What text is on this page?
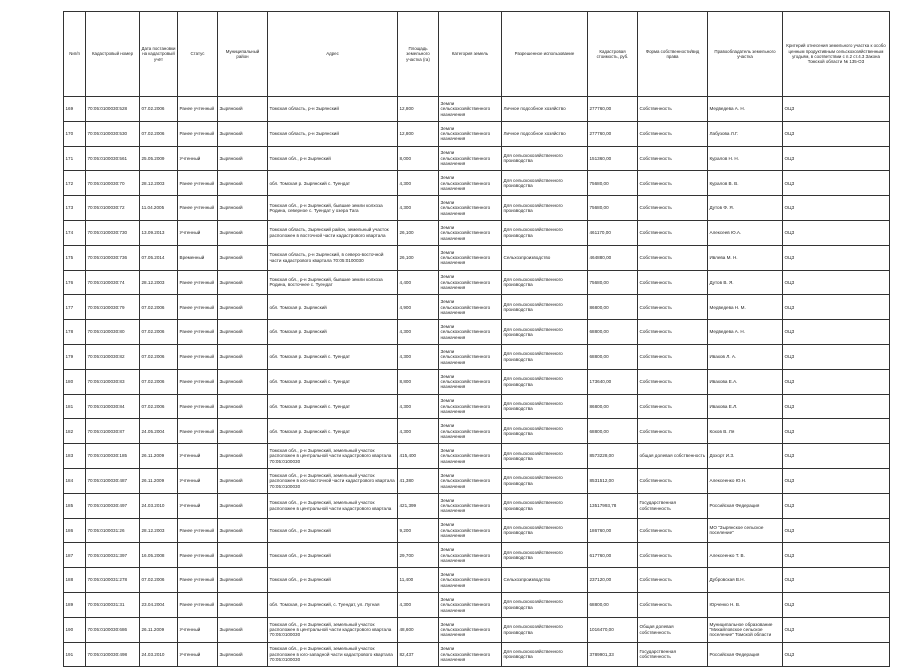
№п/п	Кадастровый номер	Дата постановки на кадастровый учёт	Статус	Муниципальный район	Адрес	Площадь земельного участка (га)	Категория земель	Разрешенное использование	Кадастровая стоимость, руб.	Форма собственности/вид права	Правообладатель земельного участка	Критерий отнесения земельного участка к особо ценным продуктивным сельскохозяйственным угодьям, в соответствии с п.2 ст.4.3 Закона Томской области № 135-ОЗ
169	70:05:0100030:528	07.02.2006	Ранее учтенный	Зырянский	Томская область, р-н Зырянский	12,800	Земли сельскохозяйственного назначения	Личное подсобное хозяйство	277760,00	Собственность	Медведева А. Н.	ОЦЗ
170	70:05:0100030:530	07.02.2006	Ранее учтенный	Зырянский	Томская область, р-н Зырянский	12,800	Земли сельскохозяйственного назначения	Личное подсобное хозяйство	277760,00	Собственность	Лабузова Л.Г.	ОЦЗ
171	70:05:0100030:561	25.05.2009	Учтенный	Зырянский	Томская обл., р-н Зырянский	8,000	Земли сельскохозяйственного назначения	Для сельскохозяйственного производства	151360,00	Собственность	Куралов Н. Н.	ОЦЗ
172	70:05:0100030:70	28.12.2003	Ранее учтенный	Зырянский	обл. Томская р. Зырянский с. Туендат	4,300	Земли сельскохозяйственного назначения	Для сельскохозяйственного производства	75680,00	Собственность	Куралов В. В.	ОЦЗ
173	70:05:0100030:72	11.04.2005	Ранее учтенный	Зырянский	Томская обл., р-н Зырянский, бывшие земли колхоза Родина, северное с. Туендат у озера Тага	4,300	Земли сельскохозяйственного назначения	Для сельскохозяйственного производства	75680,00	Собственность	Дутов Ф. Я.	ОЦЗ
174	70:05:0100030:730	13.09.2013	Учтенный	Зырянский	Томская область, Зырянский район, земельный участок расположен в восточной части кадастрового квартала	26,100	Земли сельскохозяйственного назначения	Для сельскохозяйственного производства	461170,00	Собственность	Алексеев Ю.А.	ОЦЗ
175	70:05:0100030:736	07.05.2014	Временный	Зырянский	Томская область, р-н Зырянский, в северо-восточной части кадастрового квартала 70:05:0100030	26,100	Земли сельскохозяйственного назначения	Сельхозпроизводство	464880,00	Собственность	Ивлева М. Н.	ОЦЗ
176	70:05:0100030:74	28.12.2003	Ранее учтенный	Зырянский	Томская обл., р-н Зырянский, бывшие земли колхоза Родина, восточнее с. Туендат	4,400	Земли сельскохозяйственного назначения	Для сельскохозяйственного производства	75680,00	Собственность	Дутов В. Я.	ОЦЗ
177	70:05:0100030:79	07.02.2006	Ранее учтенный	Зырянский	обл. Томская р. Зырянский	4,900	Земли сельскохозяйственного назначения	Для сельскохозяйственного производства	86800,00	Собственность	Медведева Н. М.	ОЦЗ
178	70:05:0100030:80	07.02.2006	Ранее учтенный	Зырянский	обл. Томская р. Зырянский	4,300	Земли сельскохозяйственного назначения	Для сельскохозяйственного производства	68800,00	Собственность	Медведева А. Н.	ОЦЗ
179	70:05:0100030:82	07.02.2006	Ранее учтенный	Зырянский	обл. Томская р. Зырянский с. Туендат	4,300	Земли сельскохозяйственного назначения	Для сельскохозяйственного производства	68800,00	Собственность	Ивахов Л. А.	ОЦЗ
180	70:05:0100030:83	07.02.2006	Ранее учтенный	Зырянский	обл. Томская р. Зырянский с. Туендат	8,800	Земли сельскохозяйственного назначения	Для сельскохозяйственного производства	173640,00	Собственность	Ивахова Е.А.	ОЦЗ
181	70:05:0100030:84	07.02.2006	Ранее учтенный	Зырянский	обл. Томская р. Зырянский с. Туендат	4,300	Земли сельскохозяйственного назначения	Для сельскохозяйственного производства	86800,00	Собственность	Ивахова Е.Л.	ОЦЗ
182	70:05:0100030:87	24.05.2004	Ранее учтенный	Зырянский	обл. Томская р. Зырянский с. Туендат	4,300	Земли сельскохозяйственного назначения	Для сельскохозяйственного производства	68800,00	Собственность	Кохов В. Ля	ОЦЗ
183	70:05:0100030:185	26.11.2009	Учтенный	Зырянский	Томская обл., р-н Зырянский, земельный участок расположен в центральной части кадастрового квартала 70:05:0100030	415,400	Земли сельскохозяйственного назначения	Для сельскохозяйственного производства	8573228,00	общая долевая собственность	Дохорт И.З.	ОЦЗ
184	70:05:0100030:487	26.11.2009	Учтенный	Зырянский	Томская обл., р-н Зырянский, земельный участок расположен в юго-восточной части кадастрового квартала 70:05:0100030	41,380	Земли сельскохозяйственного назначения	Для сельскохозяйственного производства	8531512,00	Собственность	Алексеенко Ю.Н.	ОЦЗ
185	70:05:0100030:497	24.03.2010	Учтенный	Зырянский	Томская обл., р-н Зырянский, земельный участок расположен в центральной части кадастрового квартала	421,399	Земли сельскохозяйственного назначения	Для сельскохозяйственного производства	13517993,78	Государственная собственность	Российская Федерация	ОЦЗ
186	70:05:0100031:26	28.12.2003	Ранее учтенный	Зырянский	Томская обл., р-н Зырянский	9,200	Земли сельскохозяйственного назначения	Для сельскохозяйственного производства	186760,00	Собственность	МО "Зырянское сельское поселение"	ОЦЗ
187	70:05:0100031:397	16.05.2008	Ранее учтенный	Зырянский	Томская обл., р-н Зырянский	29,700	Земли сельскохозяйственного назначения	Для сельскохозяйственного производства	617760,00	Собственность	Алексеенко Т. В.	ОЦЗ
188	70:05:0100031:278	07.02.2006	Ранее учтенный	Зырянский	Томская обл., р-н Зырянский	11,400	Земли сельскохозяйственного назначения	Сельхозпроизводство	237120,00	Собственность	Дубровская В.Н.	ОЦЗ
189	70:05:0100031:31	23.04.2004	Ранее учтенный	Зырянский	обл. Томская, р-н Зырянский, с. Туендат, ул. Лугная	4,300	Земли сельскохозяйственного назначения	Для сельскохозяйственного производства	68800,00	Собственность	Юрченко Н. В.	ОЦЗ
190	70:05:0100030:686	26.11.2009	Учтенный	Зырянский	Томская обл., р-н Зырянский, земельный участок расположен в центральной части кадастрового квартала 70:05:0100030	48,600	Земли сельскохозяйственного назначения	Для сельскохозяйственного производства	1016470,00	Общая долевая собственность	Муниципальное образование "Михайловское сельское поселение" Томской области	ОЦЗ
191	70:05:0100030:498	24.03.2010	Учтенный	Зырянский	Томская обл., р-н Зырянский, земельный участок расположен в юго-западной части кадастрового квартала 70:05:0100030	82,437	Земли сельскохозяйственного назначения	Для сельскохозяйственного производства	3789901,33	Государственная собственность	Российская Федерация	ОЦЗ
